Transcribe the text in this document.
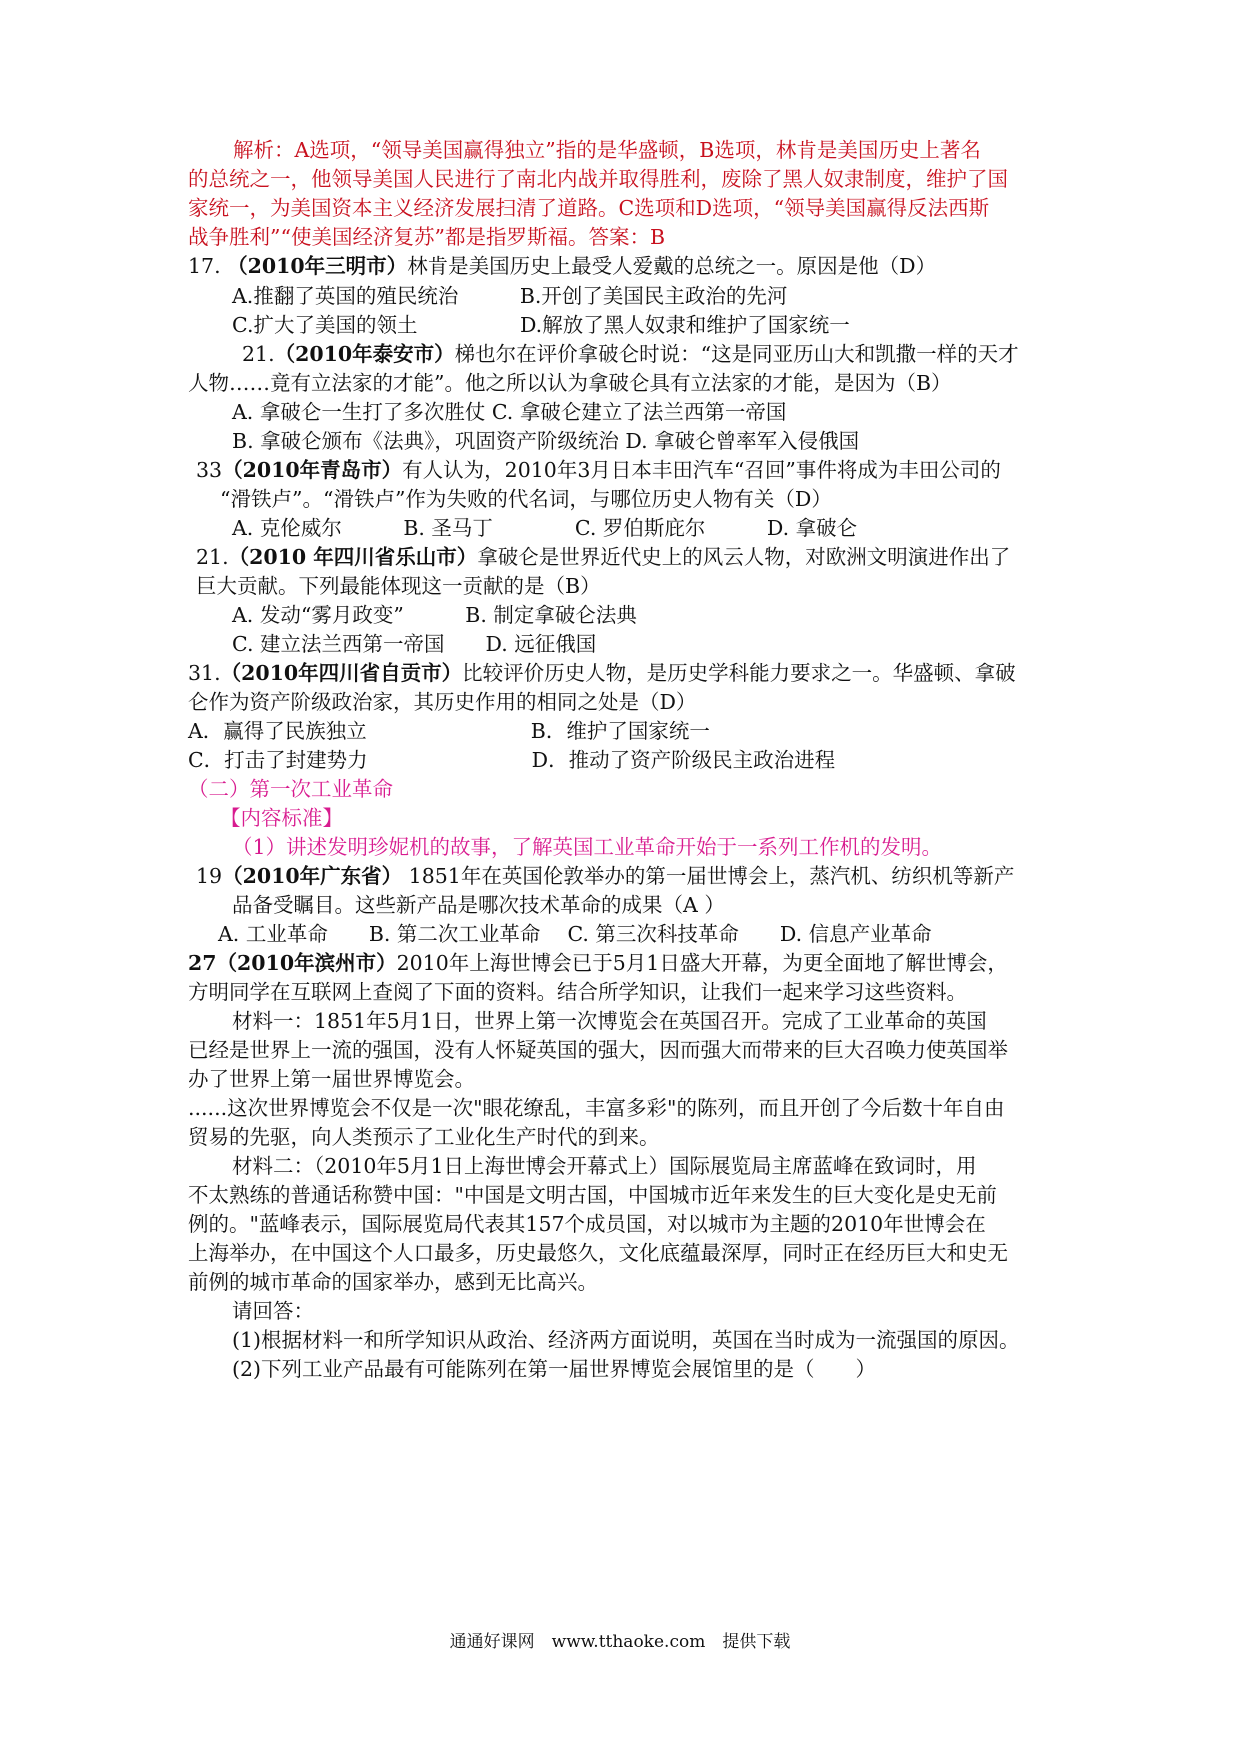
解析：A选项，“领导美国赢得独立”指的是华盛顿，B选项，林肯是美国历史上著名
的总统之一，他领导美国人民进行了南北内战并取得胜利，废除了黑人奴隶制度，维护了国
家统一，为美国资本主义经济发展扫清了道路。C选项和D选项，“领导美国赢得反法西斯
战争胜利”“使美国经济复苏”都是指罗斯福。答案：B
17. （2010年三明市）林肯是美国历史上最受人爱戴的总统之一。原因是他（D）
A.推翻了英国的殖民统治　　　B.开创了美国民主政治的先河
C.扩大了美国的领土　　　　　D.解放了黑人奴隶和维护了国家统一
21.（2010年泰安市）梯也尔在评价拿破仑时说：“这是同亚历山大和凯撒一样的天才
人物……竟有立法家的才能”。他之所以认为拿破仑具有立法家的才能，是因为（B）
A. 拿破仑一生打了多次胜仗 C. 拿破仑建立了法兰西第一帝国
B. 拿破仑颁布《法典》，巩固资产阶级统治 D. 拿破仑曾率军入侵俄国
33（2010年青岛市）有人认为，2010年3月日本丰田汽车“召回”事件将成为丰田公司的
“滑铁卢”。“滑铁卢”作为失败的代名词，与哪位历史人物有关（D）
A. 克伦威尔　　　B. 圣马丁　　　　C. 罗伯斯庇尔　　　D. 拿破仑
21.（2010 年四川省乐山市）拿破仑是世界近代史上的风云人物，对欧洲文明演进作出了
巨大贡献。下列最能体现这一贡献的是（B）
A. 发动“雾月政变”　　　B. 制定拿破仑法典
C. 建立法兰西第一帝国　　D. 远征俄国
31.（2010年四川省自贡市）比较评价历史人物，是历史学科能力要求之一。华盛顿、拿破
仑作为资产阶级政治家，其历史作用的相同之处是（D）
A．赢得了民族独立　　　　　　　　B．维护了国家统一
C．打击了封建势力　　　　　　　　D．推动了资产阶级民主政治进程
（二）第一次工业革命
【内容标准】
（1）讲述发明珍妮机的故事，了解英国工业革命开始于一系列工作机的发明。
19（2010年广东省） 1851年在英国伦敦举办的第一届世博会上，蒸汽机、纺织机等新产
品备受瞩目。这些新产品是哪次技术革命的成果（A ）
A. 工业革命　　B. 第二次工业革命　 C. 第三次科技革命　　D. 信息产业革命
27（2010年滨州市）2010年上海世博会已于5月1日盛大开幕，为更全面地了解世博会，
方明同学在互联网上查阅了下面的资料。结合所学知识，让我们一起来学习这些资料。
材料一：1851年5月1日，世界上第一次博览会在英国召开。完成了工业革命的英国
已经是世界上一流的强国，没有人怀疑英国的强大，因而强大而带来的巨大召唤力使英国举
办了世界上第一届世界博览会。
......这次世界博览会不仅是一次"眼花缭乱，丰富多彩"的陈列，而且开创了今后数十年自由
贸易的先驱，向人类预示了工业化生产时代的到来。
材料二：（2010年5月1日上海世博会开幕式上）国际展览局主席蓝峰在致词时，用
不太熟练的普通话称赞中国："中国是文明古国，中国城市近年来发生的巨大变化是史无前
例的。"蓝峰表示，国际展览局代表其157个成员国，对以城市为主题的2010年世博会在
上海举办，在中国这个人口最多，历史最悠久，文化底蕴最深厚，同时正在经历巨大和史无
前例的城市革命的国家举办，感到无比高兴。
请回答：
(1)根据材料一和所学知识从政治、经济两方面说明，英国在当时成为一流强国的原因。
(2)下列工业产品最有可能陈列在第一届世界博览会展馆里的是（　　）
通通好课网　www.tthaoke.com　提供下载
